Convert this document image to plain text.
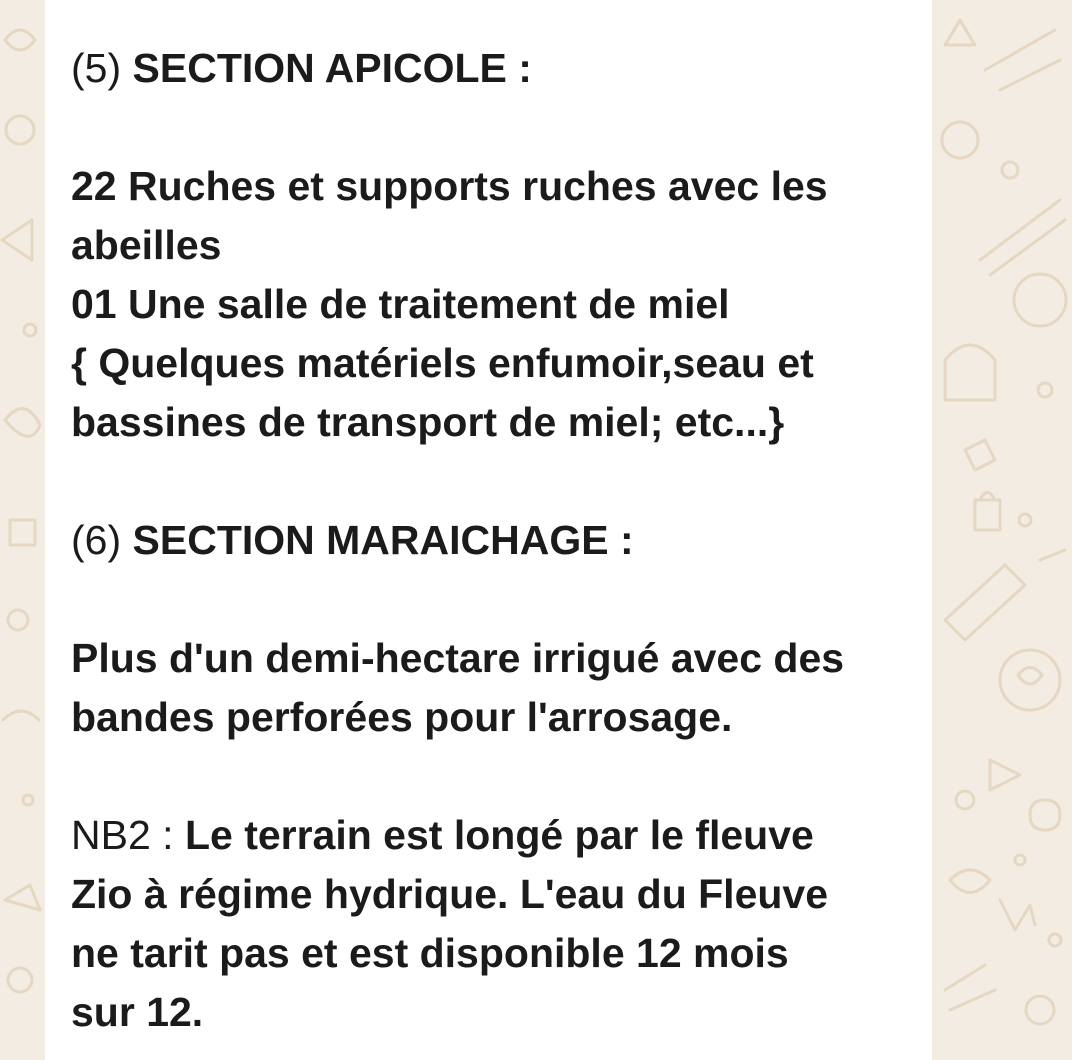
(5) SECTION APICOLE :
22 Ruches et supports ruches avec les
abeilles
01 Une salle de traitement de miel
{ Quelques matériels enfumoir,seau et
bassines de transport de miel; etc...}
(6) SECTION MARAICHAGE :
Plus d'un demi-hectare irrigué avec des
bandes perforées pour l'arrosage.
NB2 : Le terrain est longé par le fleuve
Zio à régime hydrique. L'eau du Fleuve
ne tarit pas et est disponible 12 mois
sur 12.
